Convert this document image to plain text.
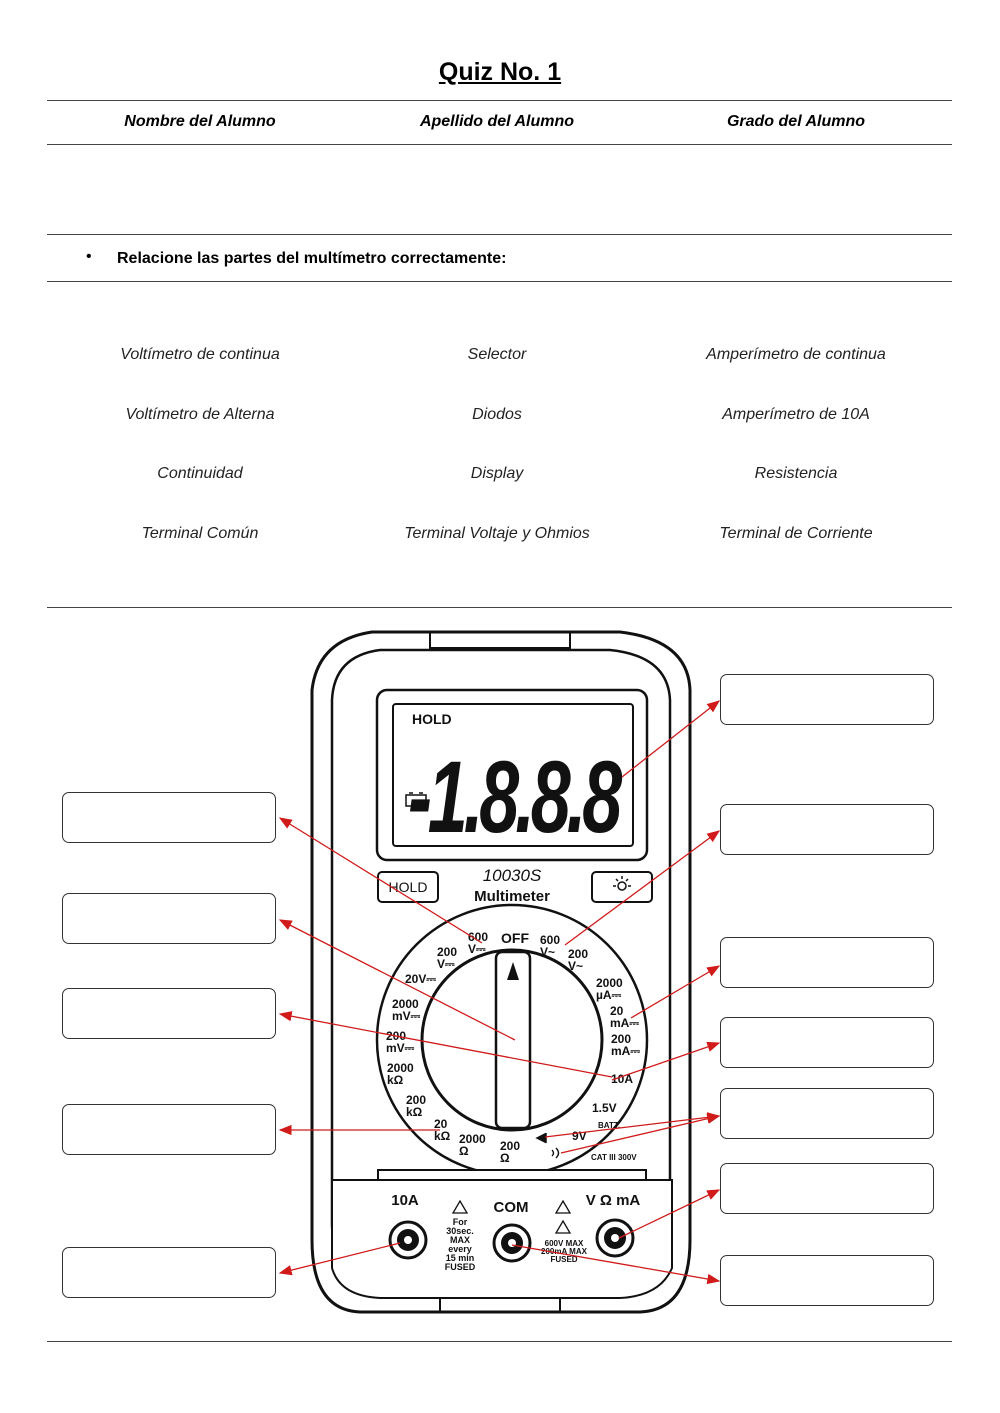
Quiz No. 1
Nombre del Alumno	Apellido del Alumno	Grado del Alumno
• Relacione las partes del multímetro correctamente:
Voltímetro de continua	Selector	Amperímetro de continua
Voltímetro de Alterna	Diodos	Amperímetro de 10A
Continuidad	Display	Resistencia
Terminal Común	Terminal Voltaje y Ohmios	Terminal de Corriente
HOLD
-1.8.8.8
10030S
Multimeter
HOLD
OFF 600 V~	200 V~
2000 µA⎓
20 mA⎓
200 mA⎓
10A
1.5V
BATT.
9V
CAT III 300V
200 Ω
2000 Ω
20 kΩ
200 kΩ
2000 kΩ
200 mV⎓
2000 mV⎓
20V⎓
200 V⎓
600 V⎓
10A	COM	V Ω mA
For 30sec. MAX every 15 min FUSED
600V MAX 200mA MAX FUSED
